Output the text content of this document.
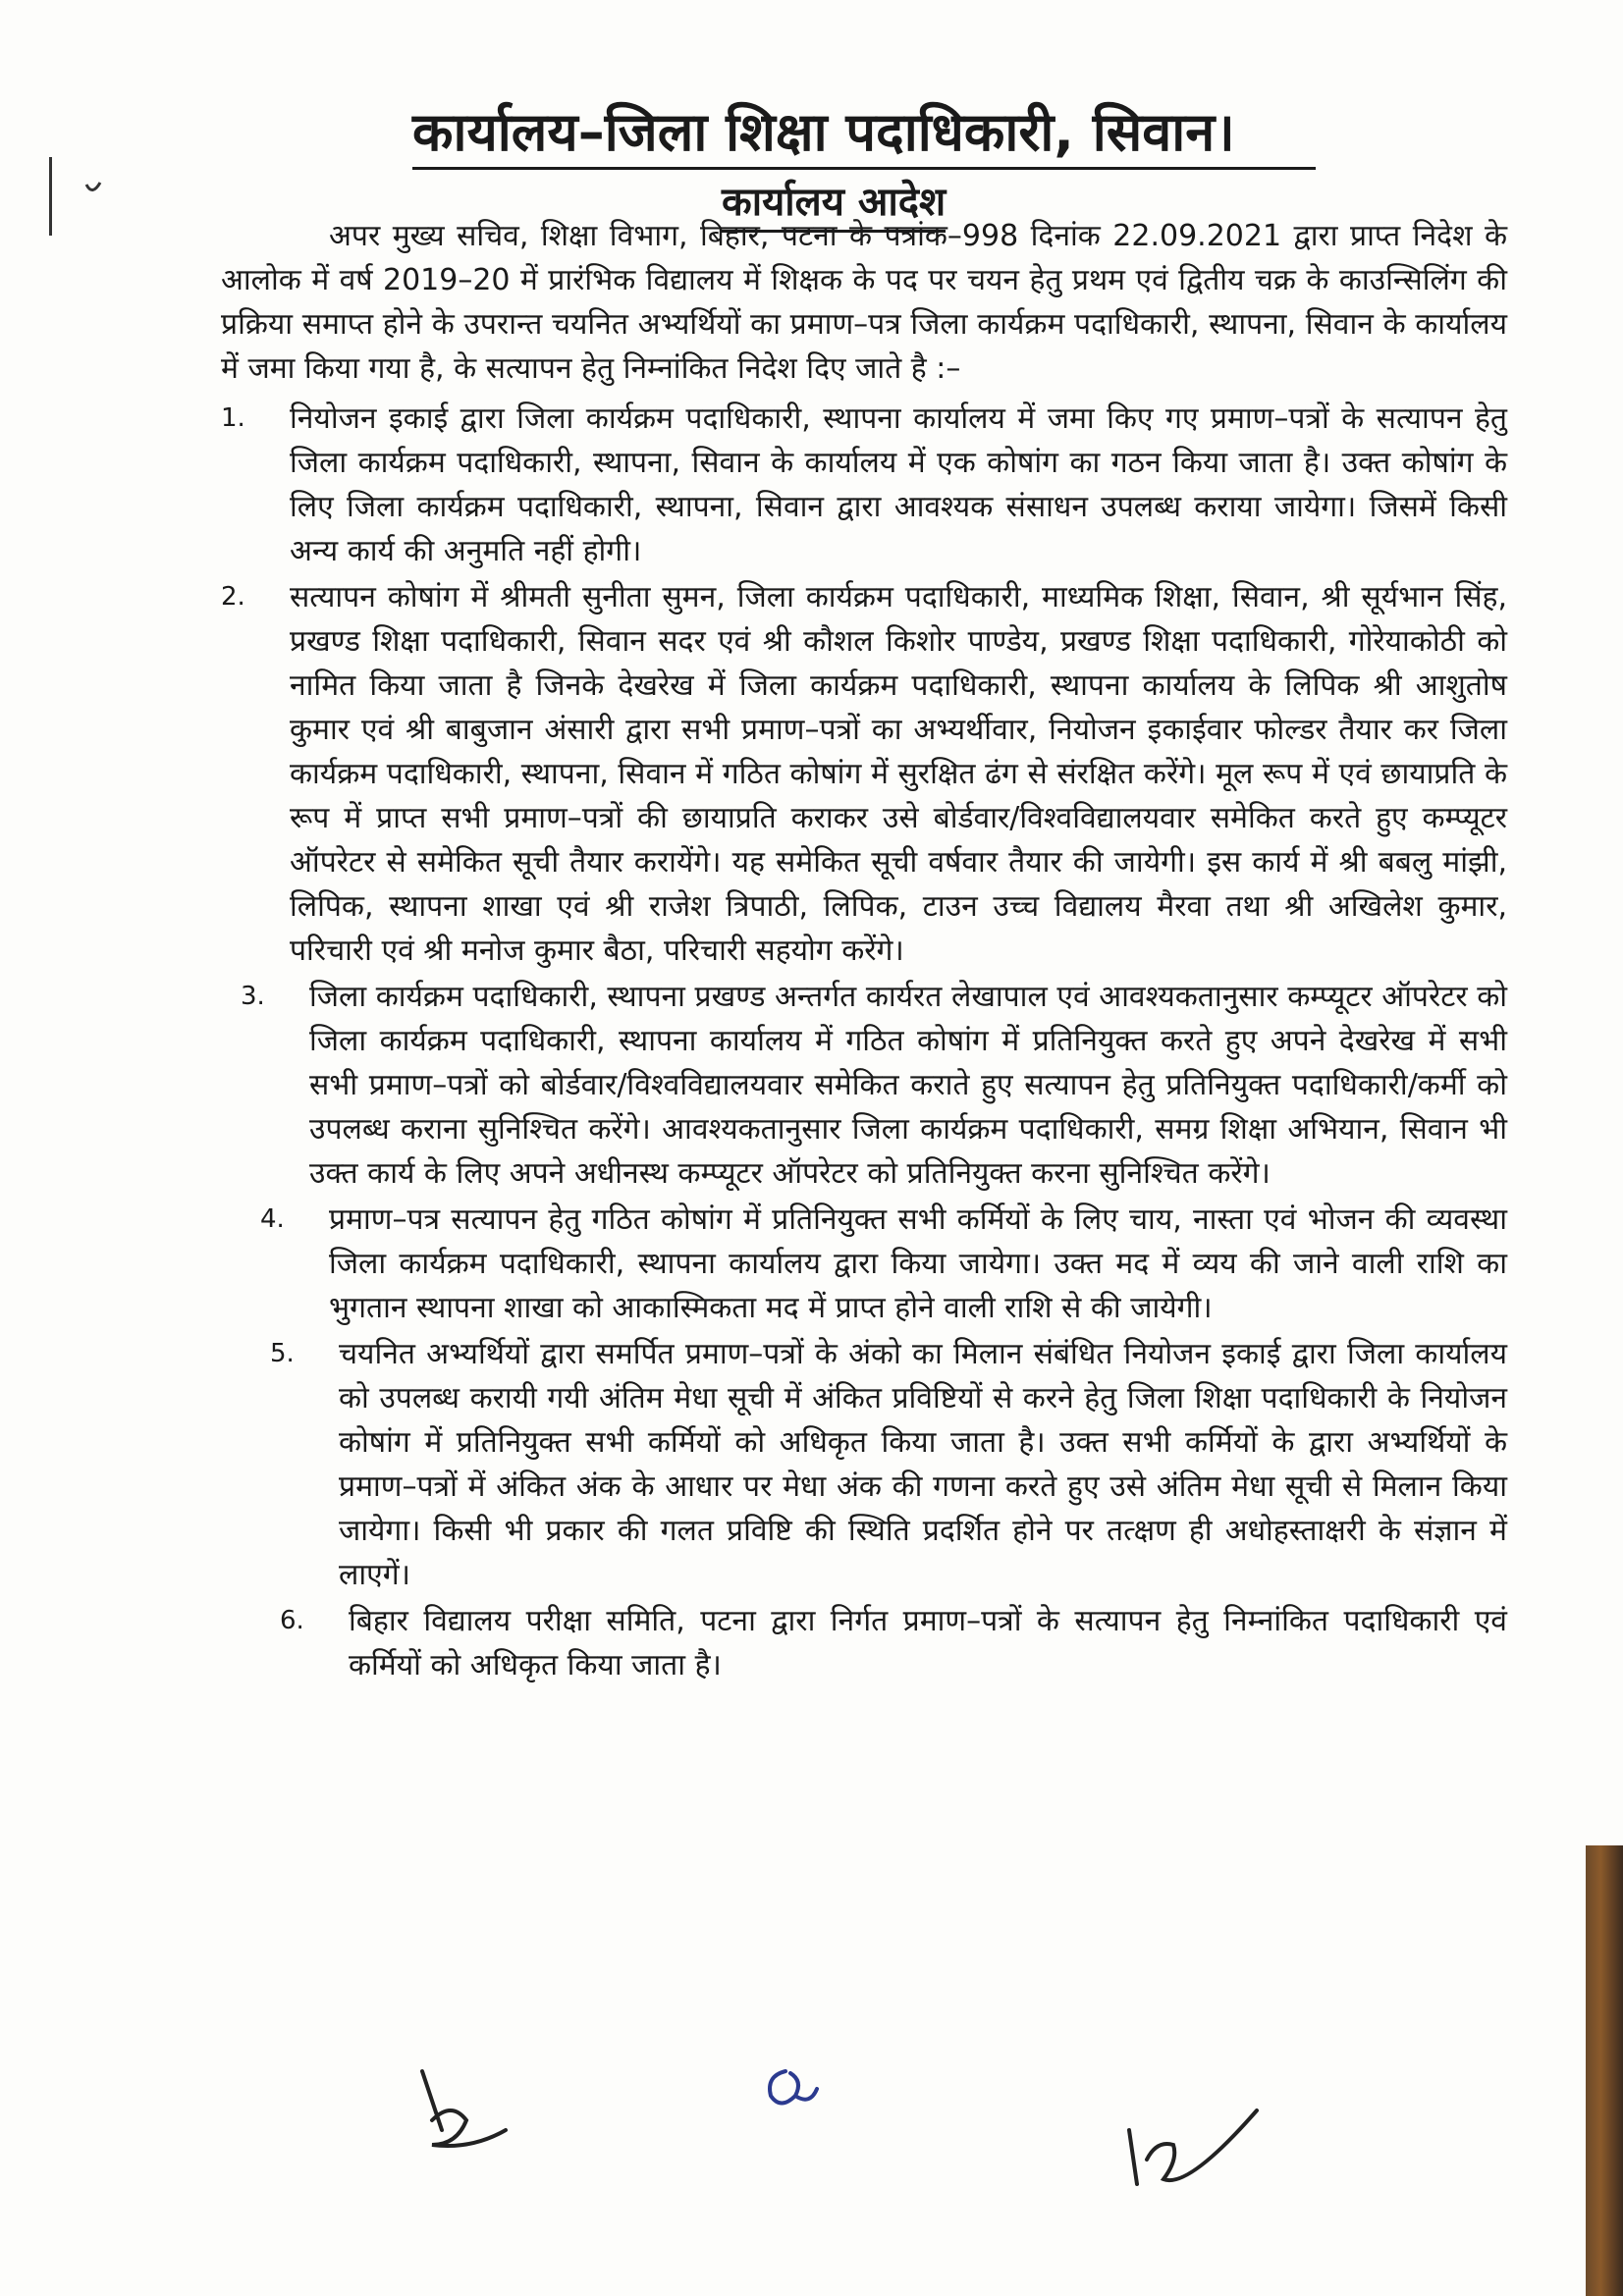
कार्यालय–जिला शिक्षा पदाधिकारी, सिवान।
कार्यालय आदेश

अपर मुख्य सचिव, शिक्षा विभाग, बिहार, पटना के पत्रांक–998 दिनांक 22.09.2021 द्वारा प्राप्त निदेश के आलोक में वर्ष 2019–20 में प्रारंभिक विद्यालय में शिक्षक के पद पर चयन हेतु प्रथम एवं द्वितीय चक्र के काउन्सिलिंग की प्रक्रिया समाप्त होने के उपरान्त चयनित अभ्यर्थियों का प्रमाण–पत्र जिला कार्यक्रम पदाधिकारी, स्थापना, सिवान के कार्यालय में जमा किया गया है, के सत्यापन हेतु निम्नांकित निदेश दिए जाते है :–

1.	नियोजन इकाई द्वारा जिला कार्यक्रम पदाधिकारी, स्थापना कार्यालय में जमा किए गए प्रमाण–पत्रों के सत्यापन हेतु जिला कार्यक्रम पदाधिकारी, स्थापना, सिवान के कार्यालय में एक कोषांग का गठन किया जाता है। उक्त कोषांग के लिए जिला कार्यक्रम पदाधिकारी, स्थापना, सिवान द्वारा आवश्यक संसाधन उपलब्ध कराया जायेगा। जिसमें किसी अन्य कार्य की अनुमति नहीं होगी।
2.	सत्यापन कोषांग में श्रीमती सुनीता सुमन, जिला कार्यक्रम पदाधिकारी, माध्यमिक शिक्षा, सिवान, श्री सूर्यभान सिंह, प्रखण्ड शिक्षा पदाधिकारी, सिवान सदर एवं श्री कौशल किशोर पाण्डेय, प्रखण्ड शिक्षा पदाधिकारी, गोरेयाकोठी को नामित किया जाता है जिनके देखरेख में जिला कार्यक्रम पदाधिकारी, स्थापना कार्यालय के लिपिक श्री आशुतोष कुमार एवं श्री बाबुजान अंसारी द्वारा सभी प्रमाण–पत्रों का अभ्यर्थीवार, नियोजन इकाईवार फोल्डर तैयार कर जिला कार्यक्रम पदाधिकारी, स्थापना, सिवान में गठित कोषांग में सुरक्षित ढंग से संरक्षित करेंगे। मूल रूप में एवं छायाप्रति के रूप में प्राप्त सभी प्रमाण–पत्रों की छायाप्रति कराकर उसे बोर्डवार/विश्वविद्यालयवार समेकित करते हुए कम्प्यूटर ऑपरेटर से समेकित सूची तैयार करायेंगे। यह समेकित सूची वर्षवार तैयार की जायेगी। इस कार्य में श्री बबलु मांझी, लिपिक, स्थापना शाखा एवं श्री राजेश त्रिपाठी, लिपिक, टाउन उच्च विद्यालय मैरवा तथा श्री अखिलेश कुमार, परिचारी एवं श्री मनोज कुमार बैठा, परिचारी सहयोग करेंगे।
3.	जिला कार्यक्रम पदाधिकारी, स्थापना प्रखण्ड अन्तर्गत कार्यरत लेखापाल एवं आवश्यकतानुसार कम्प्यूटर ऑपरेटर को जिला कार्यक्रम पदाधिकारी, स्थापना कार्यालय में गठित कोषांग में प्रतिनियुक्त करते हुए अपने देखरेख में सभी सभी प्रमाण–पत्रों को बोर्डवार/विश्वविद्यालयवार समेकित कराते हुए सत्यापन हेतु प्रतिनियुक्त पदाधिकारी/कर्मी को उपलब्ध कराना सुनिश्चित करेंगे। आवश्यकतानुसार जिला कार्यक्रम पदाधिकारी, समग्र शिक्षा अभियान, सिवान भी उक्त कार्य के लिए अपने अधीनस्थ कम्प्यूटर ऑपरेटर को प्रतिनियुक्त करना सुनिश्चित करेंगे।
4.	प्रमाण–पत्र सत्यापन हेतु गठित कोषांग में प्रतिनियुक्त सभी कर्मियों के लिए चाय, नास्ता एवं भोजन की व्यवस्था जिला कार्यक्रम पदाधिकारी, स्थापना कार्यालय द्वारा किया जायेगा। उक्त मद में व्यय की जाने वाली राशि का भुगतान स्थापना शाखा को आकास्मिकता मद में प्राप्त होने वाली राशि से की जायेगी।
5.	चयनित अभ्यर्थियों द्वारा समर्पित प्रमाण–पत्रों के अंको का मिलान संबंधित नियोजन इकाई द्वारा जिला कार्यालय को उपलब्ध करायी गयी अंतिम मेधा सूची में अंकित प्रविष्टियों से करने हेतु जिला शिक्षा पदाधिकारी के नियोजन कोषांग में प्रतिनियुक्त सभी कर्मियों को अधिकृत किया जाता है। उक्त सभी कर्मियों के द्वारा अभ्यर्थियों के प्रमाण–पत्रों में अंकित अंक के आधार पर मेधा अंक की गणना करते हुए उसे अंतिम मेधा सूची से मिलान किया जायेगा। किसी भी प्रकार की गलत प्रविष्टि की स्थिति प्रदर्शित होने पर तत्क्षण ही अधोहस्ताक्षरी के संज्ञान में लाएगें।
6.	बिहार विद्यालय परीक्षा समिति, पटना द्वारा निर्गत प्रमाण–पत्रों के सत्यापन हेतु निम्नांकित पदाधिकारी एवं कर्मियों को अधिकृत किया जाता है।
